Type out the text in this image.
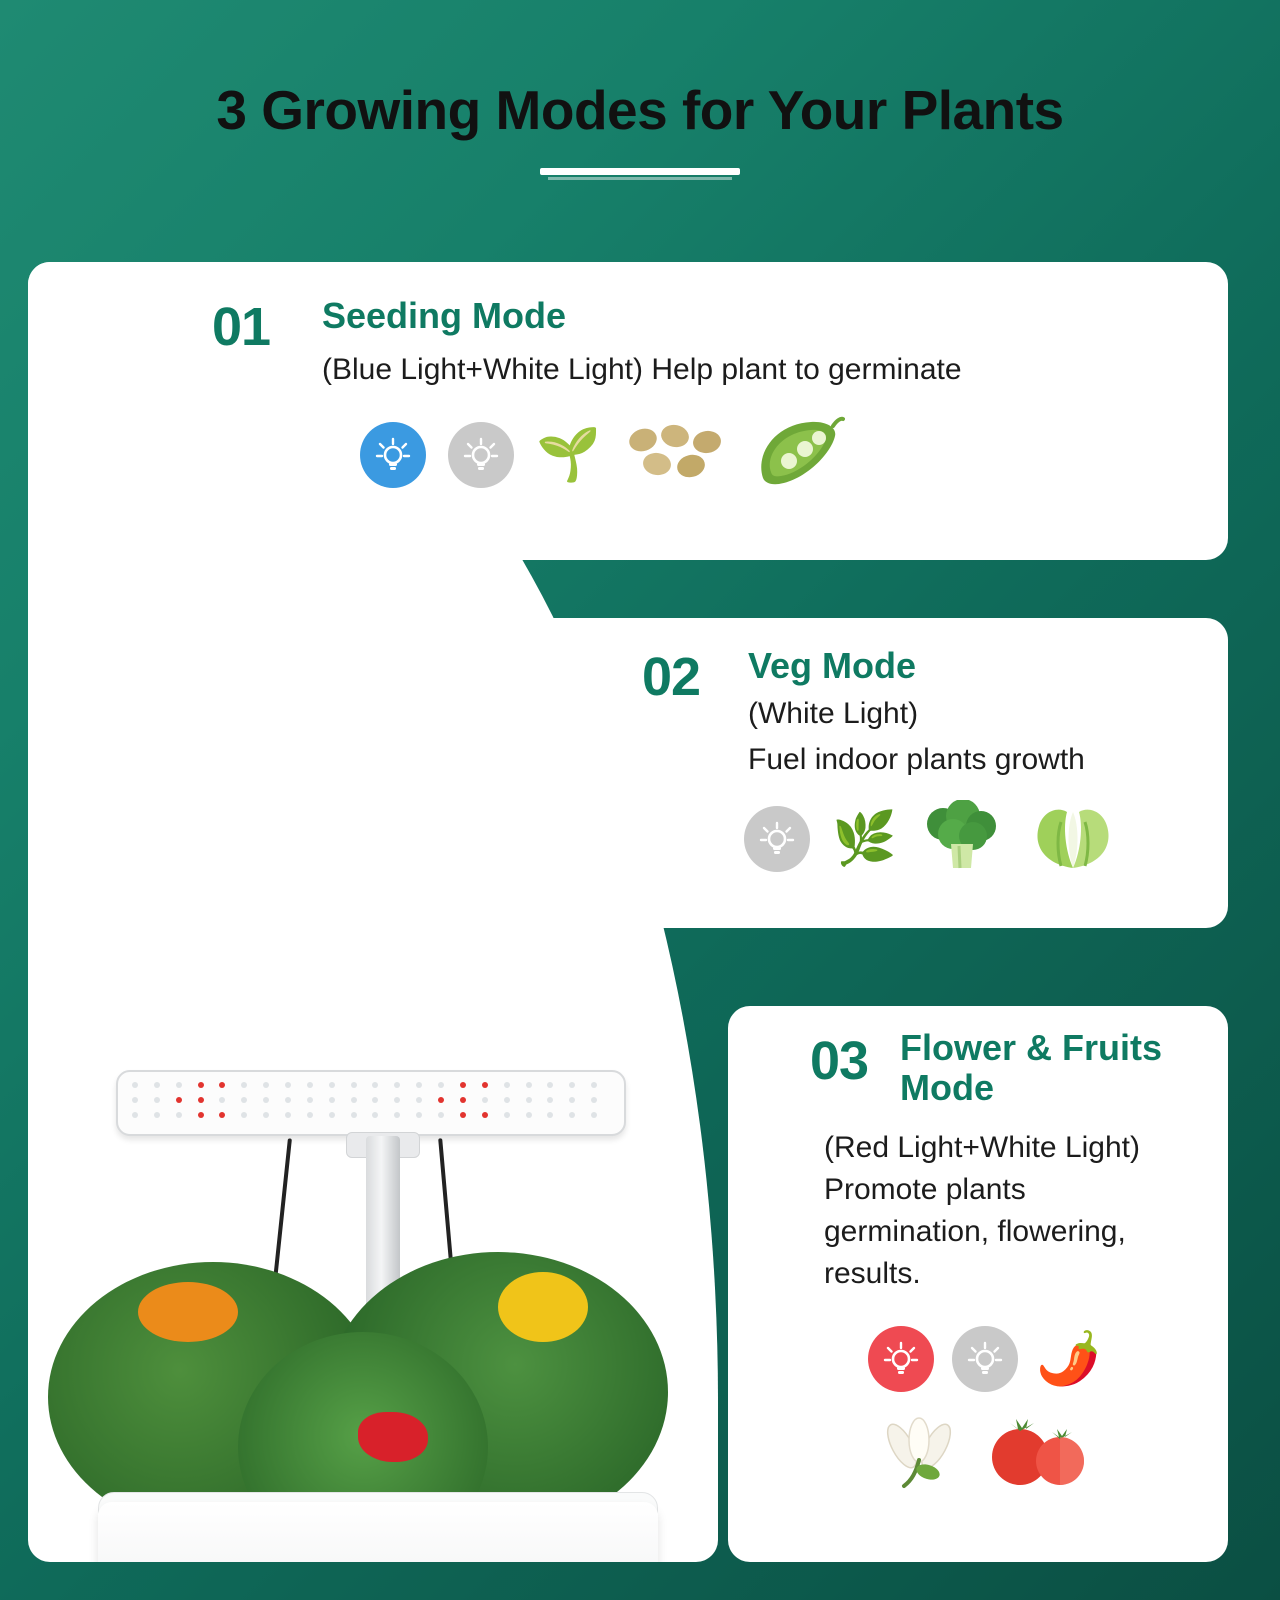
3 Growing Modes for Your Plants
01 Seeding Mode
(Blue Light+White Light) Help plant to germinate
🌱
02 Veg Mode
(White Light)
Fuel indoor plants growth
🌿
03 Flower & Fruits Mode
(Red Light+White Light)
Promote plants
germination, flowering,
results.
🌶️
